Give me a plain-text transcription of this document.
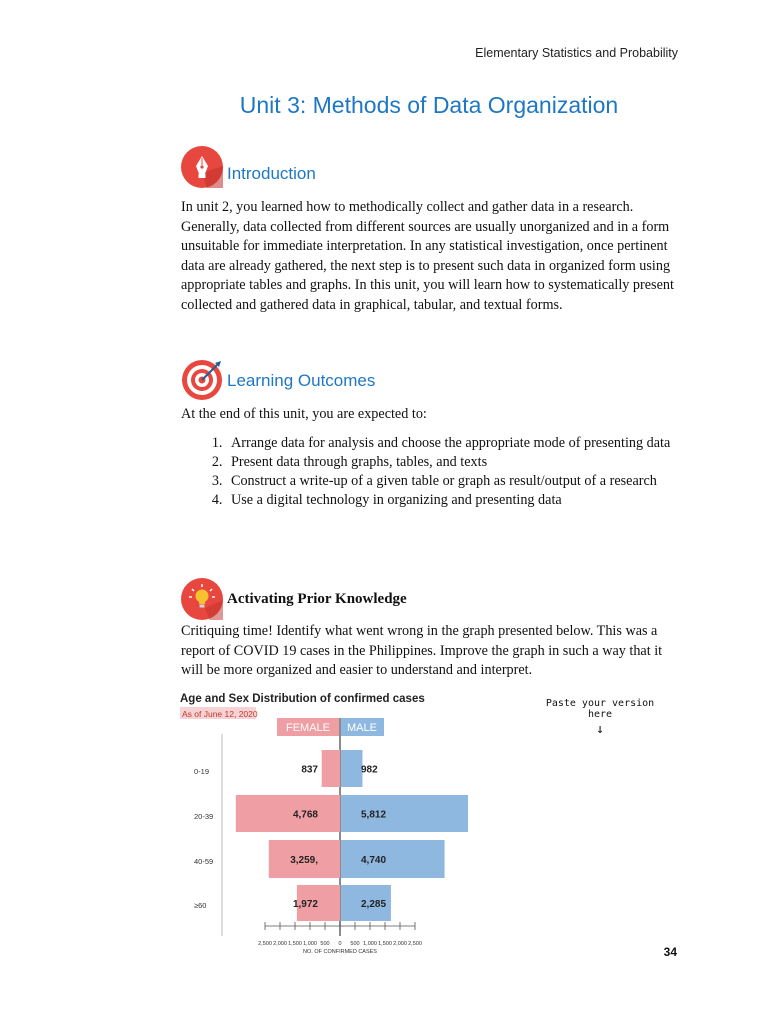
Elementary Statistics and Probability
Unit 3: Methods of Data Organization
Introduction
In unit 2, you learned how to methodically collect and gather data in a research. Generally, data collected from different sources are usually unorganized and in a form unsuitable for immediate interpretation. In any statistical investigation, once pertinent data are already gathered, the next step is to present such data in organized form using appropriate tables and graphs. In this unit, you will learn how to systematically present collected and gathered data in graphical, tabular, and textual forms.
Learning Outcomes
At the end of this unit, you are expected to:
1. Arrange data for analysis and choose the appropriate mode of presenting data
2. Present data through graphs, tables, and texts
3. Construct a write-up of a given table or graph as result/output of a research
4. Use a digital technology in organizing and presenting data
Activating Prior Knowledge
Critiquing time! Identify what went wrong in the graph presented below. This was a report of COVID 19 cases in the Philippines. Improve the graph in such a way that it will be more organized and easier to understand and interpret.
Age and Sex Distribution of confirmed cases
As of June 12, 2020
FEMALE MALE
837	982
0-19
4,768	5,812
20-39
3,259,	4,740
40-59
1,972	2,285
≥60
2,500 2,000 1,500 1,000 500 0 500 1,000 1,500 2,000 2,500
NO. OF CONFIRMED CASES
Paste your version here
↓
34
